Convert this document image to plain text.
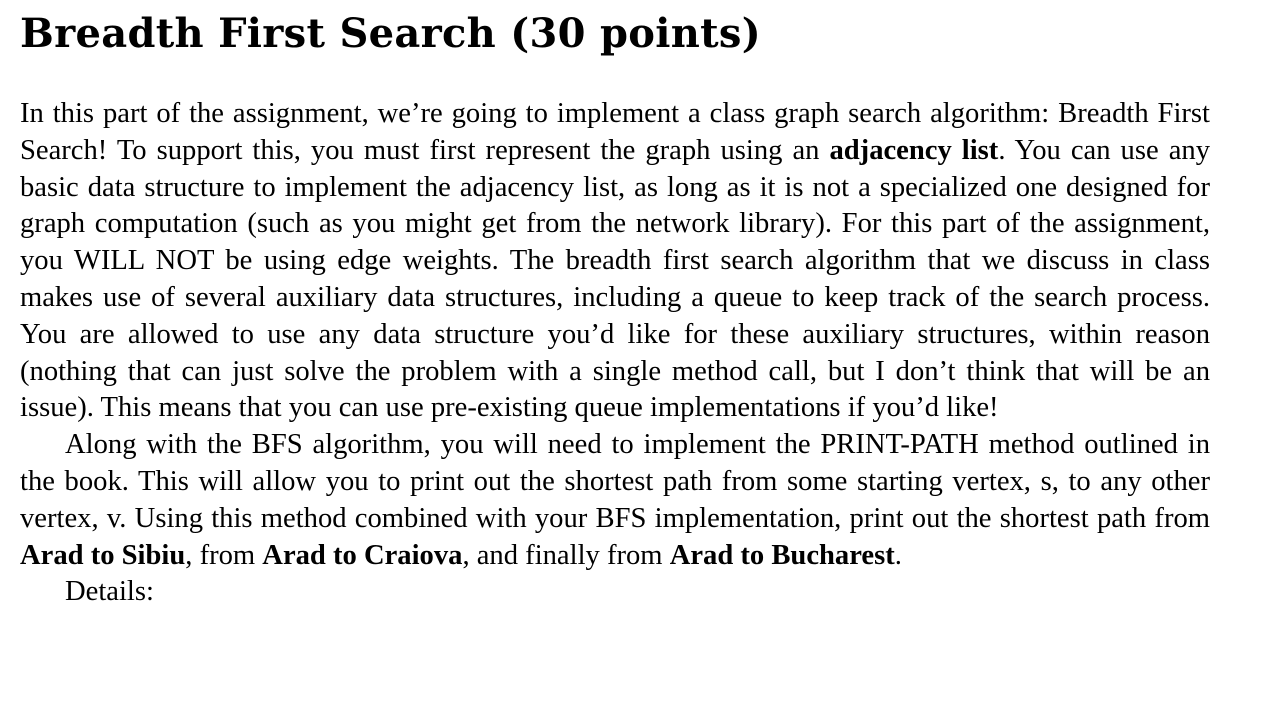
Breadth First Search (30 points)

In this part of the assignment, we’re going to implement a class graph search algorithm: Breadth First Search! To support this, you must first represent the graph using an adjacency list. You can use any basic data structure to implement the adjacency list, as long as it is not a specialized one designed for graph computation (such as you might get from the network library). For this part of the assignment, you WILL NOT be using edge weights. The breadth first search algorithm that we discuss in class makes use of several auxiliary data structures, including a queue to keep track of the search process. You are allowed to use any data structure you’d like for these auxiliary structures, within reason (nothing that can just solve the problem with a single method call, but I don’t think that will be an issue). This means that you can use pre-existing queue implementations if you’d like!

Along with the BFS algorithm, you will need to implement the PRINT-PATH method outlined in the book. This will allow you to print out the shortest path from some starting vertex, s, to any other vertex, v. Using this method combined with your BFS implementation, print out the shortest path from Arad to Sibiu, from Arad to Craiova, and finally from Arad to Bucharest.

Details:
